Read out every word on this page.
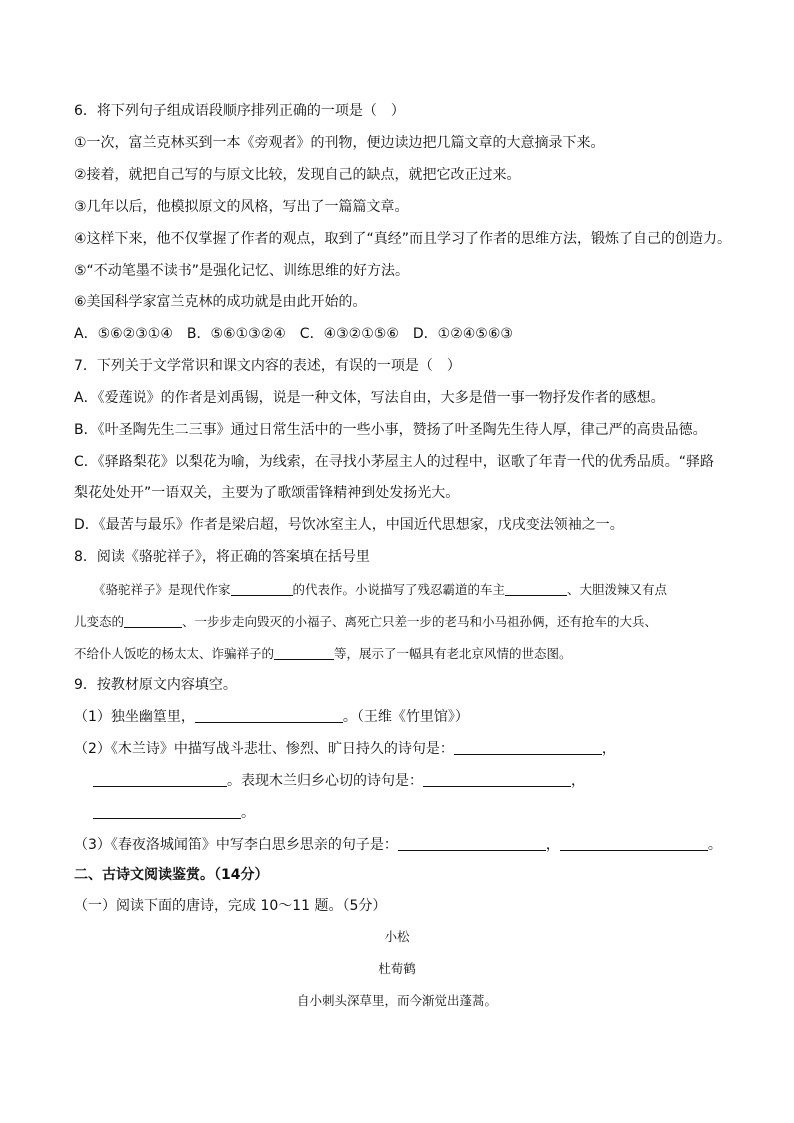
6．将下列句子组成语段顺序排列正确的一项是（　）
①一次，富兰克林买到一本《旁观者》的刊物，便边读边把几篇文章的大意摘录下来。
②接着，就把自己写的与原文比较，发现自己的缺点，就把它改正过来。
③几年以后，他模拟原文的风格，写出了一篇篇文章。
④这样下来，他不仅掌握了作者的观点，取到了“真经”而且学习了作者的思维方法，锻炼了自己的创造力。
⑤“不动笔墨不读书”是强化记忆、训练思维的好方法。
⑥美国科学家富兰克林的成功就是由此开始的。
A．⑤⑥②③①④　B．⑤⑥①③②④　C．④③②①⑤⑥　D．①②④⑤⑥③
7．下列关于文学常识和课文内容的表述，有误的一项是（　）
A．《爱莲说》的作者是刘禹锡，说是一种文体，写法自由，大多是借一事一物抒发作者的感想。
B．《叶圣陶先生二三事》通过日常生活中的一些小事，赞扬了叶圣陶先生待人厚，律己严的高贵品德。
C．《驿路梨花》以梨花为喻，为线索，在寻找小茅屋主人的过程中，讴歌了年青一代的优秀品质。“驿路
梨花处处开”一语双关，主要为了歌颂雷锋精神到处发扬光大。
D．《最苦与最乐》作者是梁启超，号饮冰室主人，中国近代思想家，戊戌变法领袖之一。
8．阅读《骆驼祥子》，将正确的答案填在括号里
《骆驼祥子》是现代作家	的代表作。小说描写了残忍霸道的车主	、大胆泼辣又有点
儿变态的	、一步步走向毁灭的小福子、离死亡只差一步的老马和小马祖孙俩，还有抢车的大兵、
不给仆人饭吃的杨太太、诈骗祥子的	等，展示了一幅具有老北京风情的世态图。
9．按教材原文内容填空。
（1）独坐幽篁里，	。（王维《竹里馆》）
（2）《木兰诗》中描写战斗悲壮、惨烈、旷日持久的诗句是：	，
。表现木兰归乡心切的诗句是：	，
。
（3）《春夜洛城闻笛》中写李白思乡思亲的句子是：	，	。
二、古诗文阅读鉴赏。（14分）
（一）阅读下面的唐诗，完成 10～11 题。（5分）
小松
杜荀鹤
自小刺头深草里，而今渐觉出蓬蒿。
